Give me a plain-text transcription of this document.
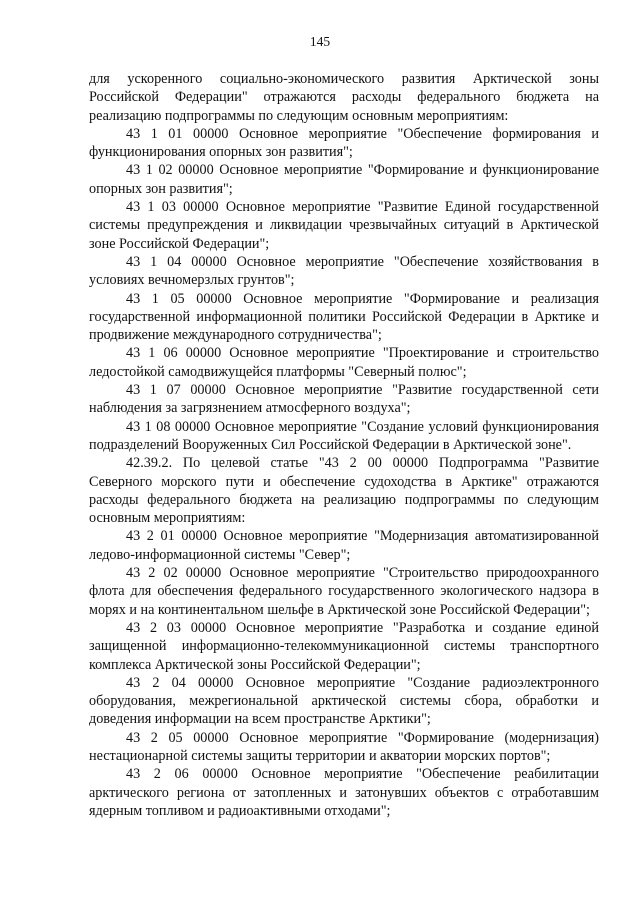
145

для ускоренного социально-экономического развития Арктической зоны Российской Федерации" отражаются расходы федерального бюджета на реализацию подпрограммы по следующим основным мероприятиям:

43 1 01 00000 Основное мероприятие "Обеспечение формирования и функционирования опорных зон развития";

43 1 02 00000 Основное мероприятие "Формирование и функционирование опорных зон развития";

43 1 03 00000 Основное мероприятие "Развитие Единой государственной системы предупреждения и ликвидации чрезвычайных ситуаций в Арктической зоне Российской Федерации";

43 1 04 00000 Основное мероприятие "Обеспечение хозяйствования в условиях вечномерзлых грунтов";

43 1 05 00000 Основное мероприятие "Формирование и реализация государственной информационной политики Российской Федерации в Арктике и продвижение международного сотрудничества";

43 1 06 00000 Основное мероприятие "Проектирование и строительство ледостойкой самодвижущейся платформы "Северный полюс";

43 1 07 00000 Основное мероприятие "Развитие государственной сети наблюдения за загрязнением атмосферного воздуха";

43 1 08 00000 Основное мероприятие "Создание условий функционирования подразделений Вооруженных Сил Российской Федерации в Арктической зоне".

42.39.2. По целевой статье "43 2 00 00000 Подпрограмма "Развитие Северного морского пути и обеспечение судоходства в Арктике" отражаются расходы федерального бюджета на реализацию подпрограммы по следующим основным мероприятиям:

43 2 01 00000 Основное мероприятие "Модернизация автоматизированной ледово-информационной системы "Север";

43 2 02 00000 Основное мероприятие "Строительство природоохранного флота для обеспечения федерального государственного экологического надзора в морях и на континентальном шельфе в Арктической зоне Российской Федерации";

43 2 03 00000 Основное мероприятие "Разработка и создание единой защищенной информационно-телекоммуникационной системы транспортного комплекса Арктической зоны Российской Федерации";

43 2 04 00000 Основное мероприятие "Создание радиоэлектронного оборудования, межрегиональной арктической системы сбора, обработки и доведения информации на всем пространстве Арктики";

43 2 05 00000 Основное мероприятие "Формирование (модернизация) нестационарной системы защиты территории и акватории морских портов";

43 2 06 00000 Основное мероприятие "Обеспечение реабилитации арктического региона от затопленных и затонувших объектов с отработавшим ядерным топливом и радиоактивными отходами";
